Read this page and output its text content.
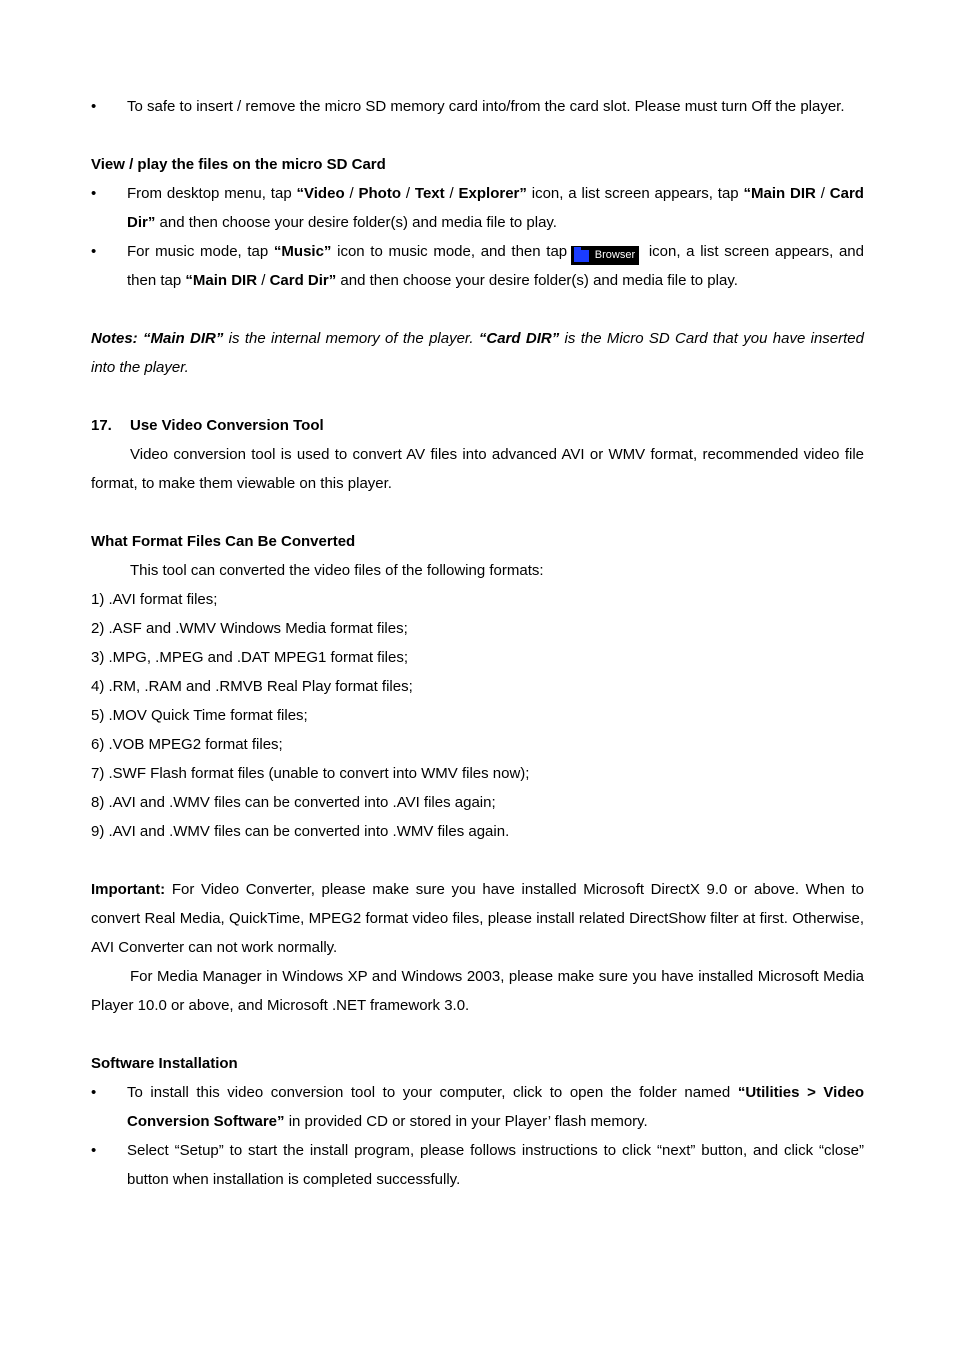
• To safe to insert / remove the micro SD memory card into/from the card slot. Please must turn Off the player.
View / play the files on the micro SD Card
• From desktop menu, tap “Video / Photo / Text / Explorer” icon, a list screen appears, tap “Main DIR / Card Dir” and then choose your desire folder(s) and media file to play.
• For music mode, tap “Music” icon to music mode, and then tap	Browser icon, a list screen appears, and then tap “Main DIR / Card Dir” and then choose your desire folder(s) and media file to play.
Notes: “Main DIR” is the internal memory of the player. “Card DIR” is the Micro SD Card that you have inserted into the player.
17. Use Video Conversion Tool
Video conversion tool is used to convert AV files into advanced AVI or WMV format, recommended video file format, to make them viewable on this player.
What Format Files Can Be Converted
This tool can converted the video files of the following formats:
1) .AVI format files;
2) .ASF and .WMV Windows Media format files;
3) .MPG, .MPEG and .DAT MPEG1 format files;
4) .RM, .RAM and .RMVB Real Play format files;
5) .MOV Quick Time format files;
6) .VOB MPEG2 format files;
7) .SWF Flash format files (unable to convert into WMV files now);
8) .AVI and .WMV files can be converted into .AVI files again;
9) .AVI and .WMV files can be converted into .WMV files again.
Important: For Video Converter, please make sure you have installed Microsoft DirectX 9.0 or above. When to convert Real Media, QuickTime, MPEG2 format video files, please install related DirectShow filter at first. Otherwise, AVI Converter can not work normally.
For Media Manager in Windows XP and Windows 2003, please make sure you have installed Microsoft Media Player 10.0 or above, and Microsoft .NET framework 3.0.
Software Installation
• To install this video conversion tool to your computer, click to open the folder named “Utilities > Video Conversion Software” in provided CD or stored in your Player’ flash memory.
• Select “Setup” to start the install program, please follows instructions to click “next” button, and click “close” button when installation is completed successfully.
